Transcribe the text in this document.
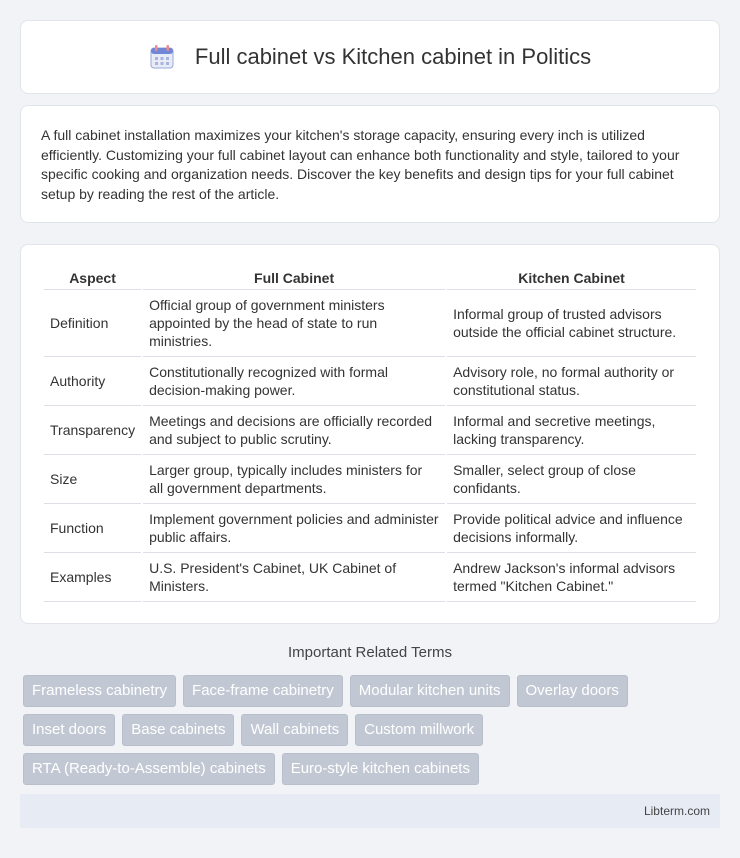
Full cabinet vs Kitchen cabinet in Politics

A full cabinet installation maximizes your kitchen's storage capacity, ensuring every inch is utilized efficiently. Customizing your full cabinet layout can enhance both functionality and style, tailored to your specific cooking and organization needs. Discover the key benefits and design tips for your full cabinet setup by reading the rest of the article.

Aspect	Full Cabinet	Kitchen Cabinet
Definition	Official group of government ministers appointed by the head of state to run ministries.	Informal group of trusted advisors outside the official cabinet structure.
Authority	Constitutionally recognized with formal decision-making power.	Advisory role, no formal authority or constitutional status.
Transparency	Meetings and decisions are officially recorded and subject to public scrutiny.	Informal and secretive meetings, lacking transparency.
Size	Larger group, typically includes ministers for all government departments.	Smaller, select group of close confidants.
Function	Implement government policies and administer public affairs.	Provide political advice and influence decisions informally.
Examples	U.S. President's Cabinet, UK Cabinet of Ministers.	Andrew Jackson's informal advisors termed "Kitchen Cabinet."
Important Related Terms
Frameless cabinetry	Face-frame cabinetry	Modular kitchen units	Overlay doors
Inset doors	Base cabinets	Wall cabinets	Custom millwork
RTA (Ready-to-Assemble) cabinets	Euro-style kitchen cabinets
Libterm.com
